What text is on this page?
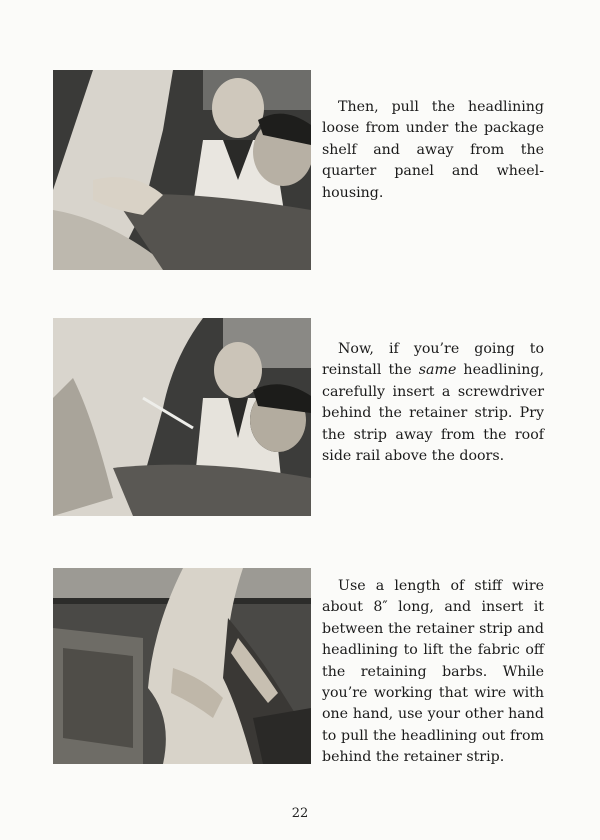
Then, pull the headlining loose from under the package shelf and away from the quarter panel and wheelhousing.
Now, if you’re going to reinstall the same headlining, carefully insert a screwdriver behind the retainer strip. Pry the strip away from the roof side rail above the doors.
Use a length of stiff wire about 8″ long, and insert it between the retainer strip and headlining to lift the fabric off the retaining barbs. While you’re working that wire with one hand, use your other hand to pull the headlining out from behind the retainer strip.
22
